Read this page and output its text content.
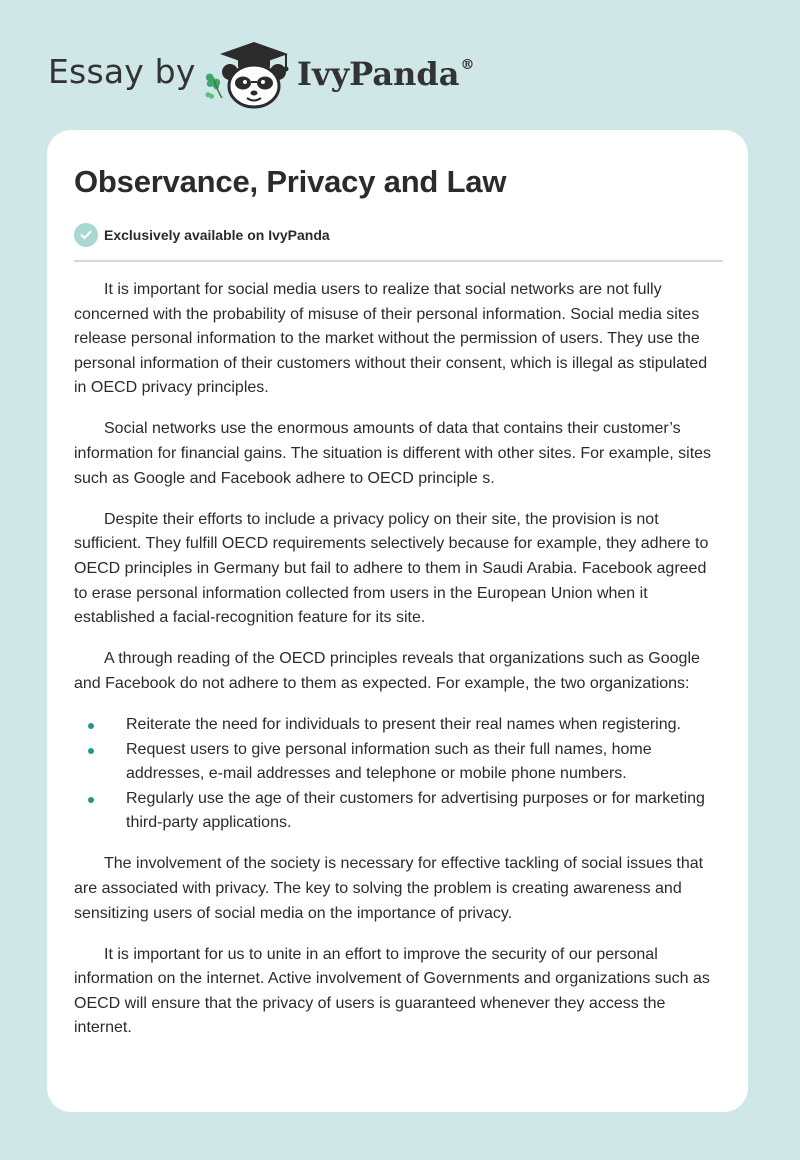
Essay by	IvyPanda®
Observance, Privacy and Law
Exclusively available on IvyPanda

It is important for social media users to realize that social networks are not fully concerned with the probability of misuse of their personal information. Social media sites release personal information to the market without the permission of users. They use the personal information of their customers without their consent, which is illegal as stipulated in OECD privacy principles.

Social networks use the enormous amounts of data that contains their customer’s information for financial gains. The situation is different with other sites. For example, sites such as Google and Facebook adhere to OECD principle s.

Despite their efforts to include a privacy policy on their site, the provision is not sufficient. They fulfill OECD requirements selectively because for example, they adhere to OECD principles in Germany but fail to adhere to them in Saudi Arabia. Facebook agreed to erase personal information collected from users in the European Union when it established a facial-recognition feature for its site.

A through reading of the OECD principles reveals that organizations such as Google and Facebook do not adhere to them as expected. For example, the two organizations:

Reiterate the need for individuals to present their real names when registering.
Request users to give personal information such as their full names, home addresses, e-mail addresses and telephone or mobile phone numbers.
Regularly use the age of their customers for advertising purposes or for marketing third-party applications.

The involvement of the society is necessary for effective tackling of social issues that are associated with privacy. The key to solving the problem is creating awareness and sensitizing users of social media on the importance of privacy.

It is important for us to unite in an effort to improve the security of our personal information on the internet. Active involvement of Governments and organizations such as OECD will ensure that the privacy of users is guaranteed whenever they access the internet.
